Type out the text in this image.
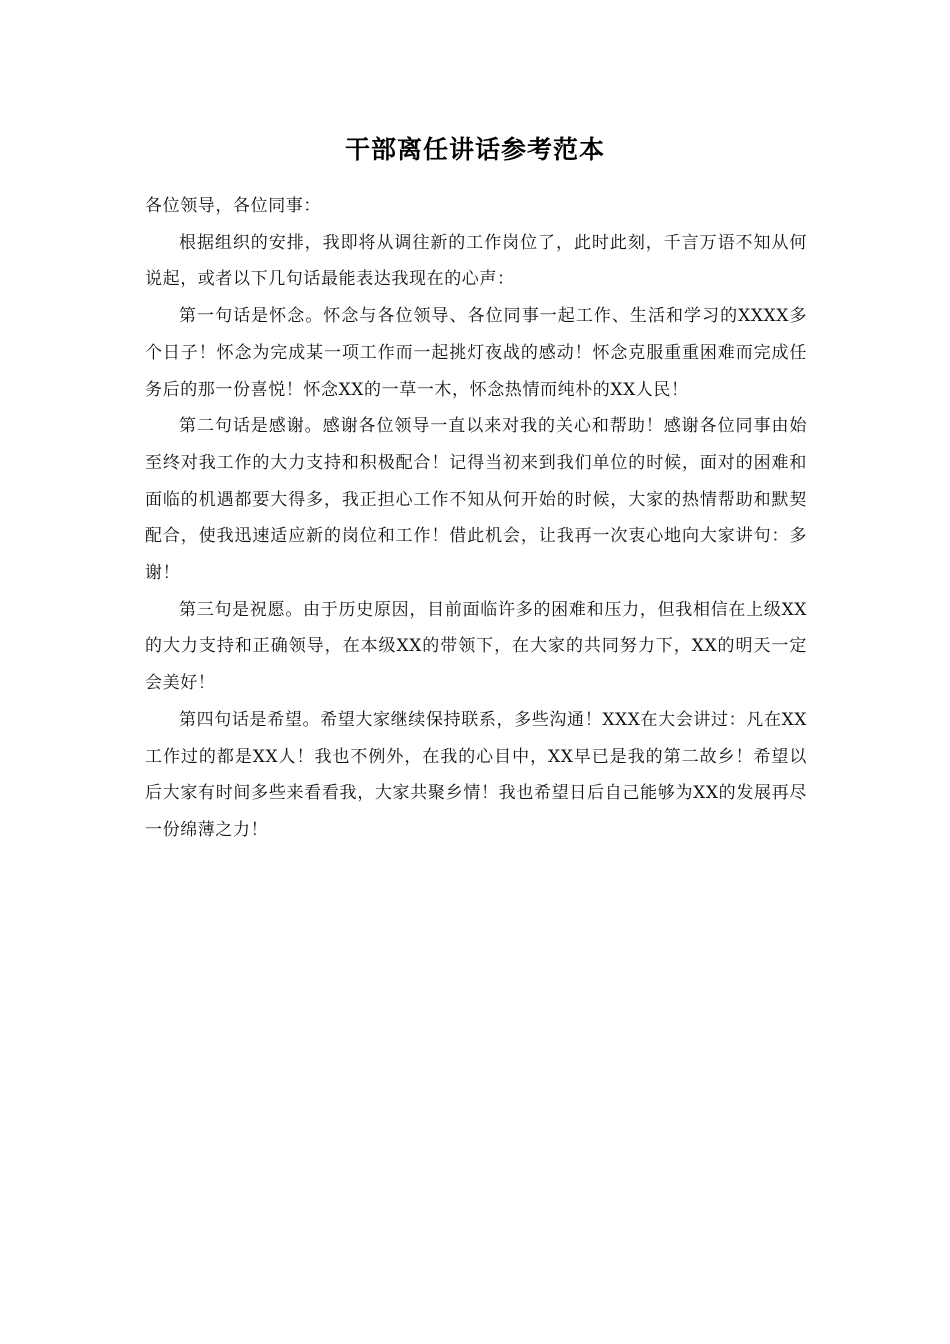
干部离任讲话参考范本

各位领导，各位同事：

根据组织的安排，我即将从调往新的工作岗位了，此时此刻，千言万语不知从何说起，或者以下几句话最能表达我现在的心声：

第一句话是怀念。怀念与各位领导、各位同事一起工作、生活和学习的XXXX多个日子！怀念为完成某一项工作而一起挑灯夜战的感动！怀念克服重重困难而完成任务后的那一份喜悦！怀念XX的一草一木，怀念热情而纯朴的XX人民！

第二句话是感谢。感谢各位领导一直以来对我的关心和帮助！感谢各位同事由始至终对我工作的大力支持和积极配合！记得当初来到我们单位的时候，面对的困难和面临的机遇都要大得多，我正担心工作不知从何开始的时候，大家的热情帮助和默契配合，使我迅速适应新的岗位和工作！借此机会，让我再一次衷心地向大家讲句：多谢！

第三句是祝愿。由于历史原因，目前面临许多的困难和压力，但我相信在上级XX的大力支持和正确领导，在本级XX的带领下，在大家的共同努力下，XX的明天一定会美好！

第四句话是希望。希望大家继续保持联系，多些沟通！XXX在大会讲过：凡在XX工作过的都是XX人！我也不例外，在我的心目中，XX早已是我的第二故乡！希望以后大家有时间多些来看看我，大家共聚乡情！我也希望日后自己能够为XX的发展再尽一份绵薄之力！
